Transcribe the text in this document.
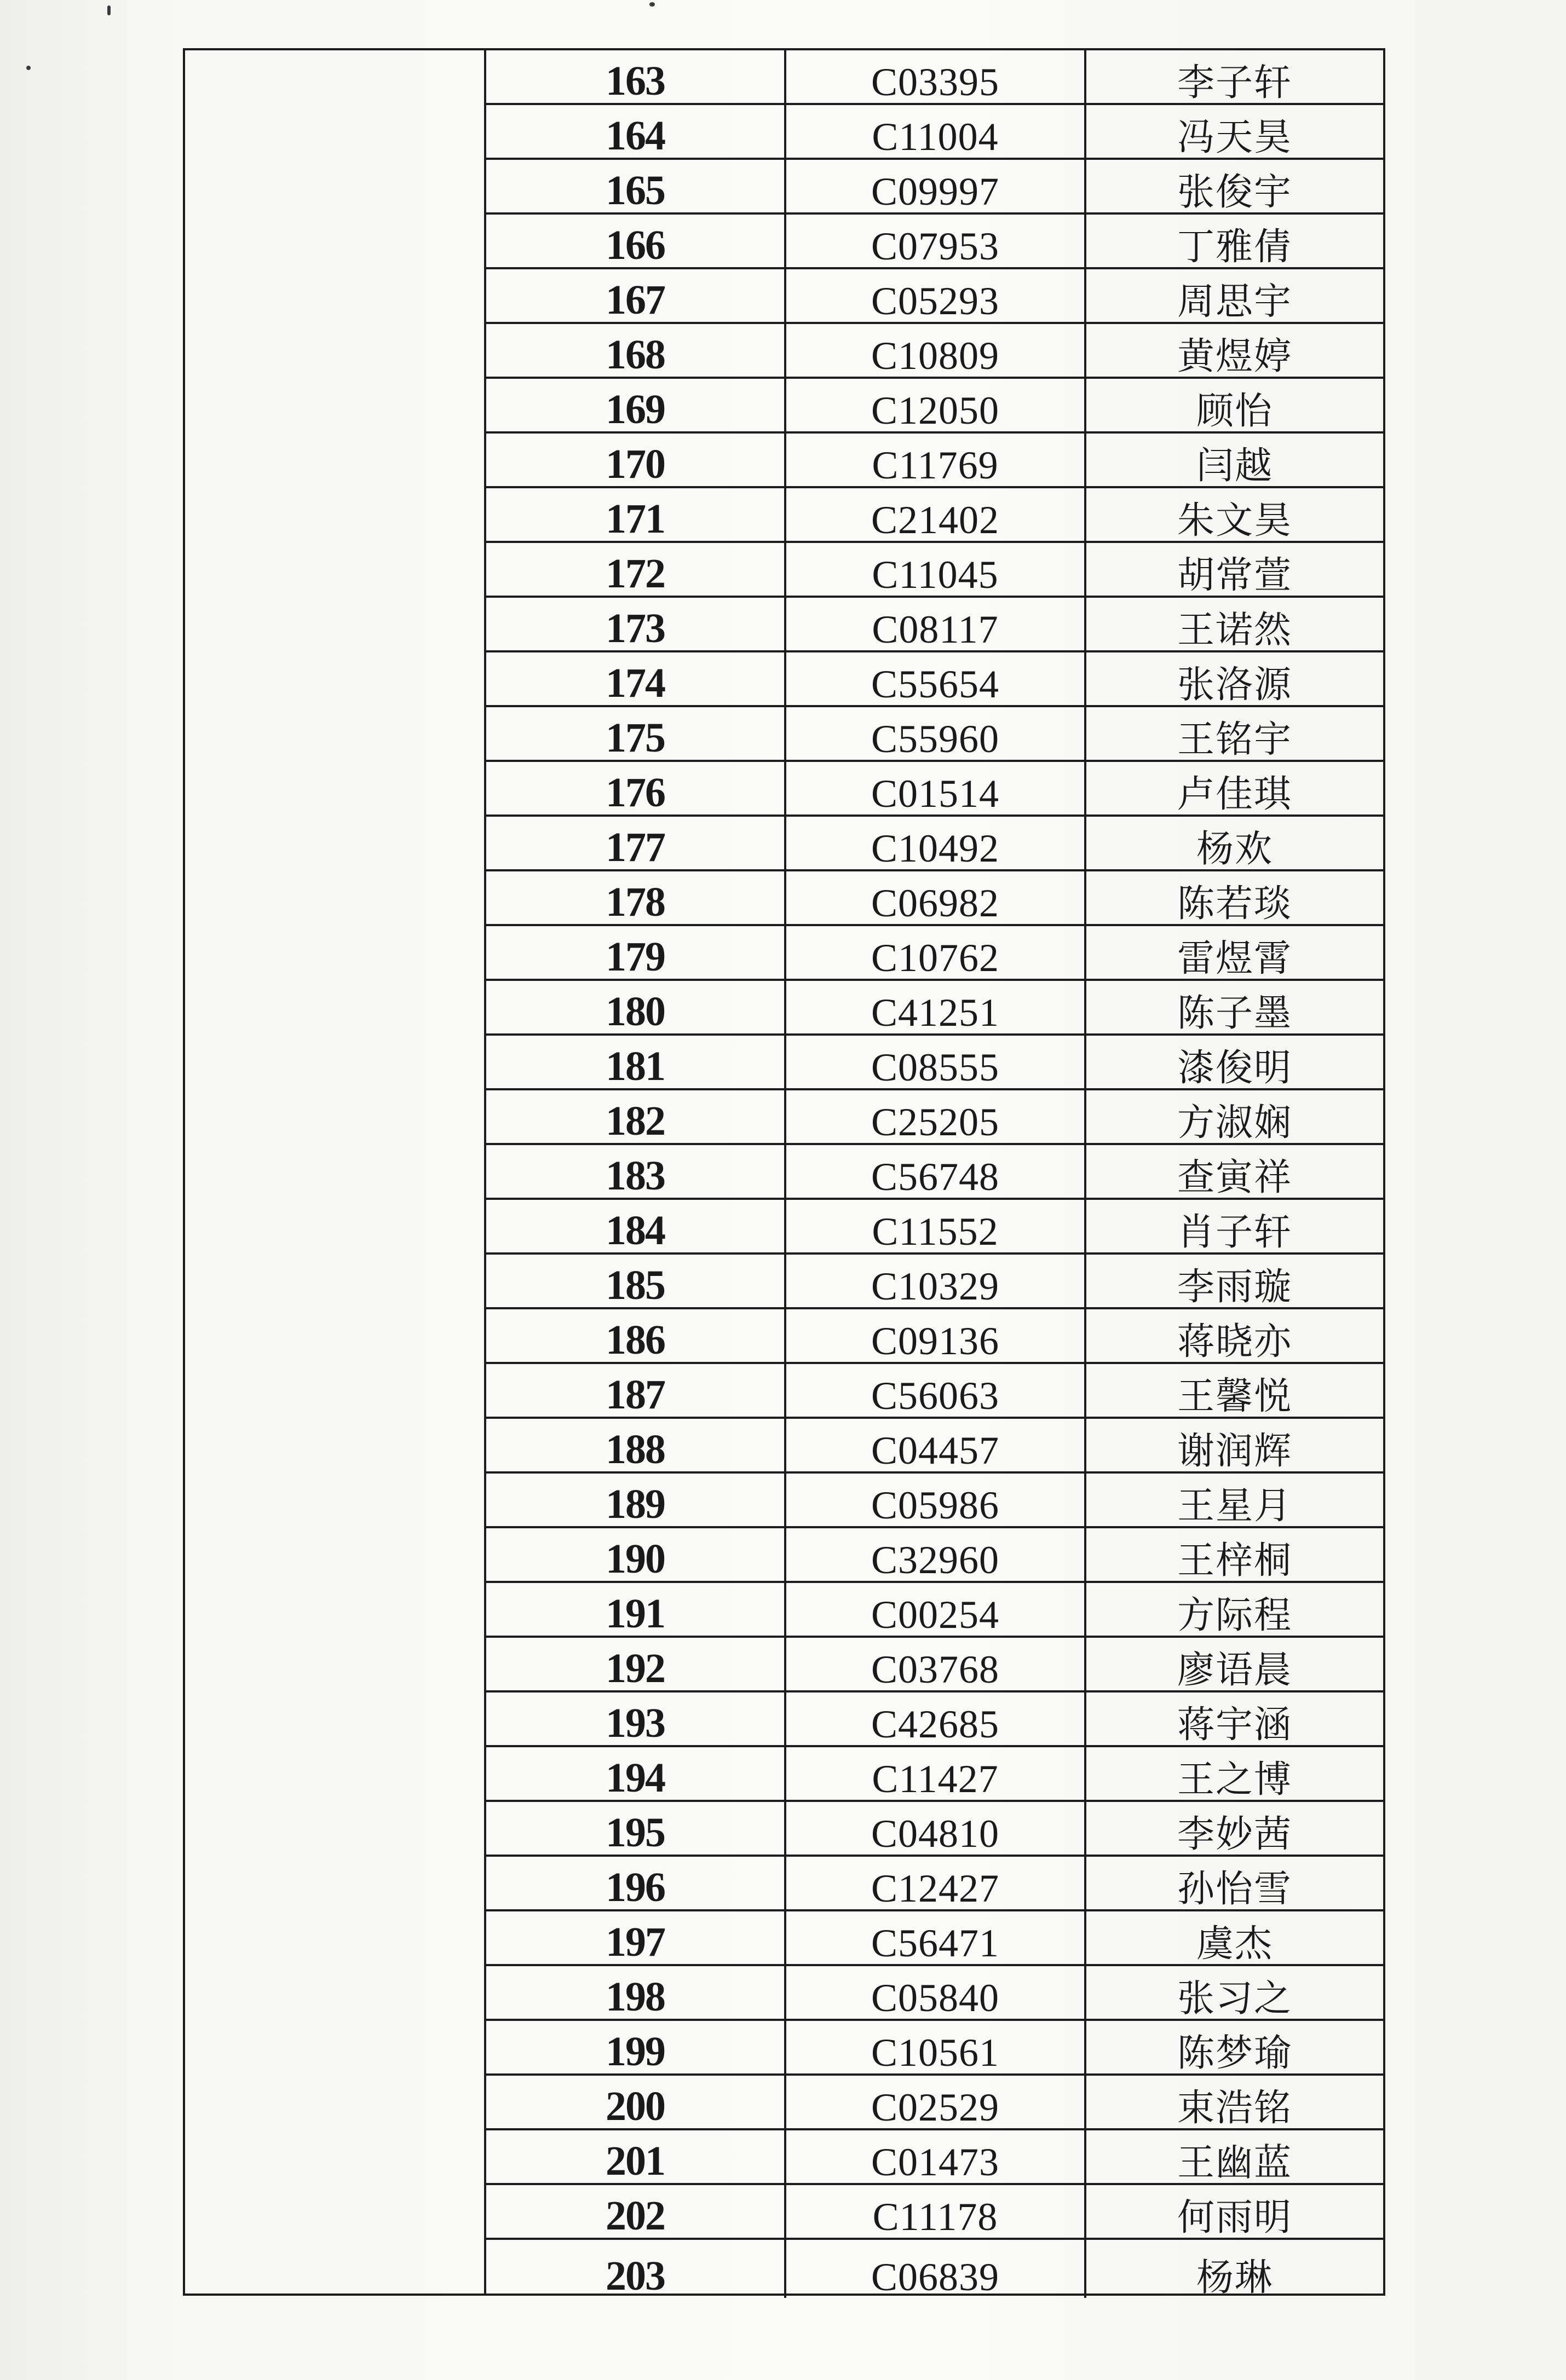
163	C03395	李子轩
164	C11004	冯天昊
165	C09997	张俊宇
166	C07953	丁雅倩
167	C05293	周思宇
168	C10809	黄煜婷
169	C12050	顾怡
170	C11769	闫越
171	C21402	朱文昊
172	C11045	胡常萱
173	C08117	王诺然
174	C55654	张洛源
175	C55960	王铭宇
176	C01514	卢佳琪
177	C10492	杨欢
178	C06982	陈若琰
179	C10762	雷煜霄
180	C41251	陈子墨
181	C08555	漆俊明
182	C25205	方淑娴
183	C56748	查寅祥
184	C11552	肖子轩
185	C10329	李雨璇
186	C09136	蒋晓亦
187	C56063	王馨悦
188	C04457	谢润辉
189	C05986	王星月
190	C32960	王梓桐
191	C00254	方际程
192	C03768	廖语晨
193	C42685	蒋宇涵
194	C11427	王之博
195	C04810	李妙茜
196	C12427	孙怡雪
197	C56471	虞杰
198	C05840	张习之
199	C10561	陈梦瑜
200	C02529	束浩铭
201	C01473	王幽蓝
202	C11178	何雨明
203	C06839	杨琳
